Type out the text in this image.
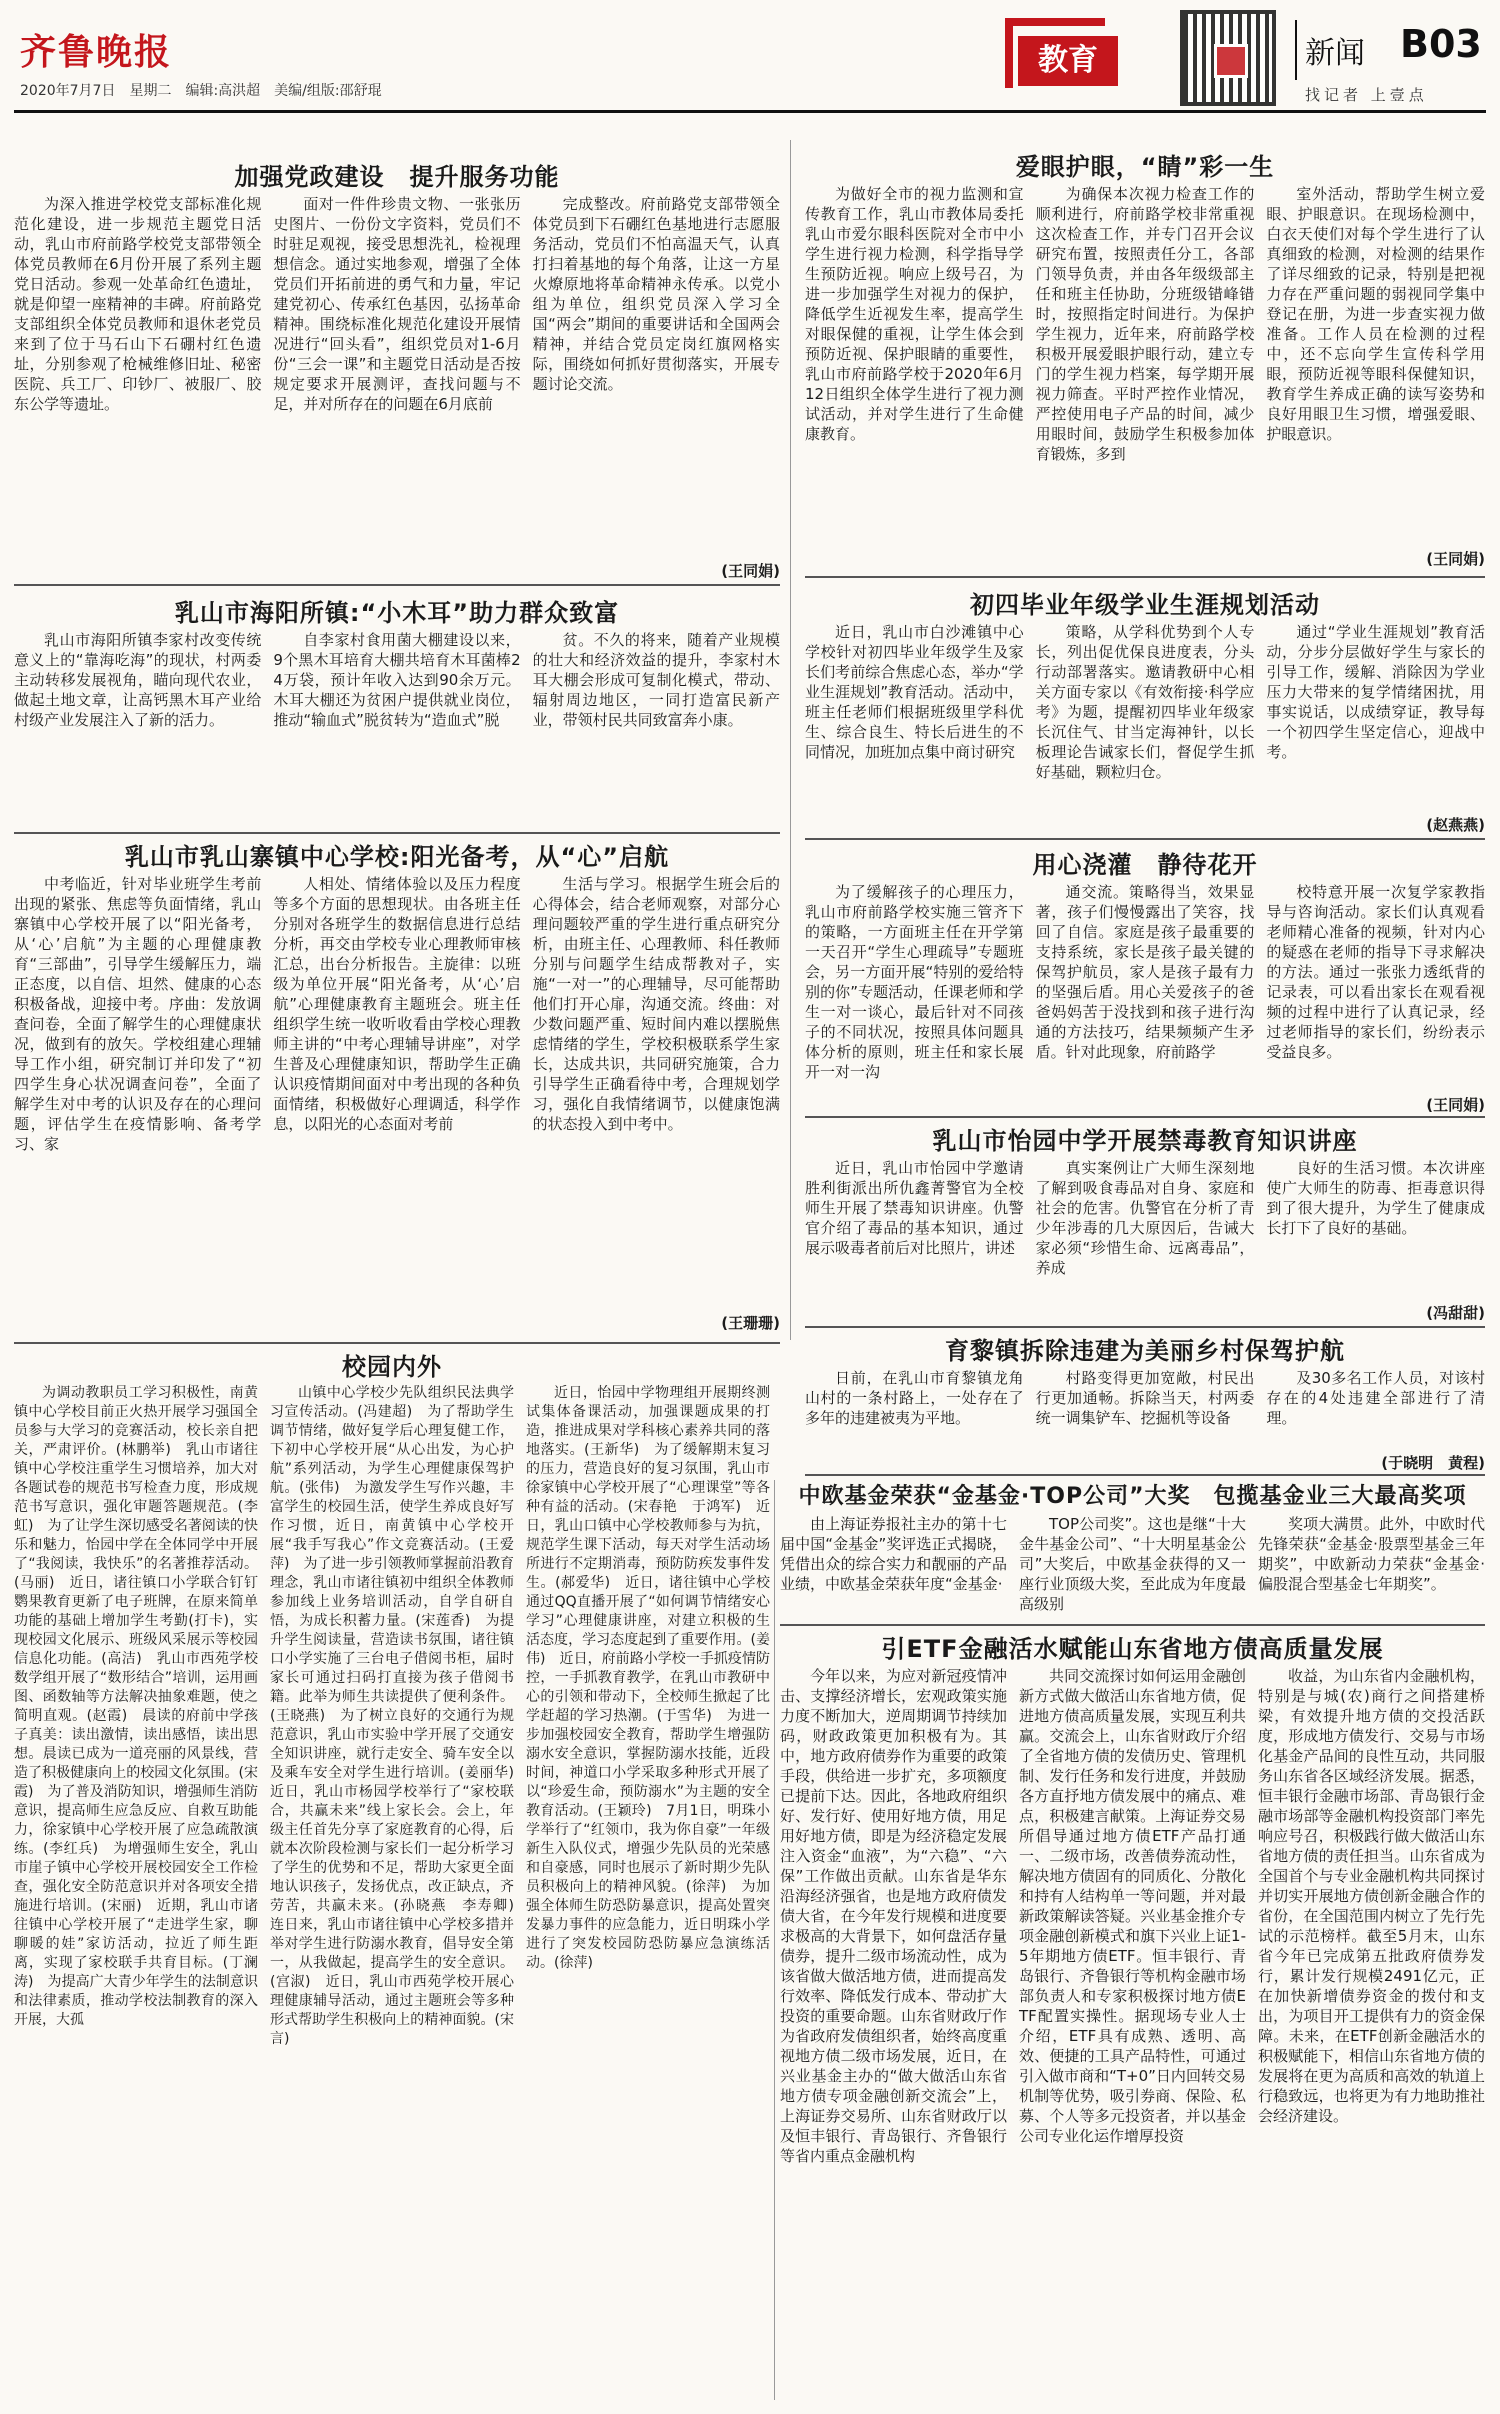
齐鲁晚报
2020年7月7日　 星期二　 编辑:高洪超　 美编/组版:邵舒琨
教育	新闻 B03
找记者 上壹点
加强党政建设　提升服务功能
为深入推进学校党支部标准化规范化建设，进一步规范主题党日活动，乳山市府前路学校党支部带领全体党员教师在6月份开展了系列主题党日活动。参观一处革命红色遗址，就是仰望一座精神的丰碑。府前路党支部组织全体党员教师和退休老党员来到了位于马石山下石硼村红色遗址，分别参观了枪械维修旧址、秘密医院、兵工厂、印钞厂、被服厂、胶东公学等遗址。
面对一件件珍贵文物、一张张历史图片、一份份文字资料，党员们不时驻足观视，接受思想洗礼，检视理想信念。通过实地参观，增强了全体党员们开拓前进的勇气和力量，牢记建党初心、传承红色基因，弘扬革命精神。围绕标准化规范化建设开展情况进行“回头看”，组织党员对1-6月份“三会一课”和主题党日活动是否按规定要求开展测评，查找问题与不足，并对所存在的问题在6月底前
完成整改。府前路党支部带领全体党员到下石硼红色基地进行志愿服务活动，党员们不怕高温天气，认真打扫着基地的每个角落，让这一方星火燎原地将革命精神永传承。以党小组为单位，组织党员深入学习全国“两会”期间的重要讲话和全国两会精神，并结合党员定岗红旗网格实际，围绕如何抓好贯彻落实，开展专题讨论交流。
(王同娟)
乳山市海阳所镇:“小木耳”助力群众致富
乳山市海阳所镇李家村改变传统意义上的“靠海吃海”的现状，村两委主动转移发展视角，瞄向现代农业，做起土地文章，让高钙黑木耳产业给村级产业发展注入了新的活力。
自李家村食用菌大棚建设以来，9个黑木耳培育大棚共培育木耳菌棒24万袋，预计年收入达到90余万元。木耳大棚还为贫困户提供就业岗位，推动“输血式”脱贫转为“造血式”脱
贫。不久的将来，随着产业规模的壮大和经济效益的提升，李家村木耳大棚会形成可复制化模式，带动、辐射周边地区，一同打造富民新产业，带领村民共同致富奔小康。
乳山市乳山寨镇中心学校:阳光备考，从“心”启航
中考临近，针对毕业班学生考前出现的紧张、焦虑等负面情绪，乳山寨镇中心学校开展了以“阳光备考，从‘心’启航”为主题的心理健康教育“三部曲”，引导学生缓解压力，端正态度，以自信、坦然、健康的心态积极备战，迎接中考。序曲：发放调查问卷，全面了解学生的心理健康状况，做到有的放矢。学校组建心理辅导工作小组，研究制订并印发了“初四学生身心状况调查问卷”，全面了解学生对中考的认识及存在的心理问题，评估学生在疫情影响、备考学习、家
人相处、情绪体验以及压力程度等多个方面的思想现状。由各班主任分别对各班学生的数据信息进行总结分析，再交由学校专业心理教师审核汇总，出台分析报告。主旋律：以班级为单位开展“阳光备考，从‘心’启航”心理健康教育主题班会。班主任组织学生统一收听收看由学校心理教师主讲的“中考心理辅导讲座”，对学生普及心理健康知识，帮助学生正确认识疫情期间面对中考出现的各种负面情绪，积极做好心理调适，科学作息，以阳光的心态面对考前
生活与学习。根据学生班会后的心得体会，结合老师观察，对部分心理问题较严重的学生进行重点研究分析，由班主任、心理教师、科任教师分别与问题学生结成帮教对子，实施“一对一”的心理辅导，尽可能帮助他们打开心扉，沟通交流。终曲：对少数问题严重、短时间内难以摆脱焦虑情绪的学生，学校积极联系学生家长，达成共识，共同研究施策，合力引导学生正确看待中考，合理规划学习，强化自我情绪调节，以健康饱满的状态投入到中考中。
(王珊珊)
爱眼护眼，“睛”彩一生
为做好全市的视力监测和宣传教育工作，乳山市教体局委托乳山市爱尔眼科医院对全市中小学生进行视力检测，科学指导学生预防近视。响应上级号召，为进一步加强学生对视力的保护，降低学生近视发生率，提高学生对眼保健的重视，让学生体会到预防近视、保护眼睛的重要性，乳山市府前路学校于2020年6月12日组织全体学生进行了视力测试活动，并对学生进行了生命健康教育。
为确保本次视力检查工作的顺利进行，府前路学校非常重视这次检查工作，并专门召开会议研究布置，按照责任分工，各部门领导负责，并由各年级级部主任和班主任协助，分班级错峰错时，按照指定时间进行。为保护学生视力，近年来，府前路学校积极开展爱眼护眼行动，建立专门的学生视力档案，每学期开展视力筛查。平时严控作业情况，严控使用电子产品的时间，减少用眼时间，鼓励学生积极参加体育锻炼，多到
室外活动，帮助学生树立爱眼、护眼意识。在现场检测中，白衣天使们对每个学生进行了认真细致的检测，对检测的结果作了详尽细致的记录，特别是把视力存在严重问题的弱视同学集中登记在册，为进一步查实视力做准备。工作人员在检测的过程中，还不忘向学生宣传科学用眼，预防近视等眼科保健知识，教育学生养成正确的读写姿势和良好用眼卫生习惯，增强爱眼、护眼意识。
(王同娟)
初四毕业年级学业生涯规划活动
近日，乳山市白沙滩镇中心学校针对初四毕业年级学生及家长们考前综合焦虑心态，举办“学业生涯规划”教育活动。活动中，班主任老师们根据班级里学科优生、综合良生、特长后进生的不同情况，加班加点集中商讨研究
策略，从学科优势到个人专长，列出促优保良进度表，分头行动部署落实。邀请教研中心相关方面专家以《有效衔接·科学应考》为题，提醒初四毕业年级家长沉住气、甘当定海神针，以长板理论告诫家长们，督促学生抓好基础，颗粒归仓。
通过“学业生涯规划”教育活动，分步分层做好学生与家长的引导工作，缓解、消除因为学业压力大带来的复学情绪困扰，用事实说话，以成绩穿证，教导每一个初四学生坚定信心，迎战中考。
(赵燕燕)
用心浇灌　静待花开
为了缓解孩子的心理压力，乳山市府前路学校实施三管齐下的策略，一方面班主任在开学第一天召开“学生心理疏导”专题班会，另一方面开展“特别的爱给特别的你”专题活动，任课老师和学生一对一谈心，最后针对不同孩子的不同状况，按照具体问题具体分析的原则，班主任和家长展开一对一沟
通交流。策略得当，效果显著，孩子们慢慢露出了笑容，找回了自信。家庭是孩子最重要的支持系统，家长是孩子最关键的保驾护航员，家人是孩子最有力的坚强后盾。用心关爱孩子的爸爸妈妈苦于没找到和孩子进行沟通的方法技巧，结果频频产生矛盾。针对此现象，府前路学
校特意开展一次复学家教指导与咨询活动。家长们认真观看老师精心准备的视频，针对内心的疑惑在老师的指导下寻求解决的方法。通过一张张力透纸背的记录表，可以看出家长在观看视频的过程中进行了认真记录，经过老师指导的家长们，纷纷表示受益良多。
(王同娟)
乳山市怡园中学开展禁毒教育知识讲座
近日，乳山市怡园中学邀请胜利街派出所仇鑫菁警官为全校师生开展了禁毒知识讲座。仇警官介绍了毒品的基本知识，通过展示吸毒者前后对比照片，讲述
真实案例让广大师生深刻地了解到吸食毒品对自身、家庭和社会的危害。仇警官在分析了青少年涉毒的几大原因后，告诫大家必须“珍惜生命、远离毒品”，养成
良好的生活习惯。本次讲座使广大师生的防毒、拒毒意识得到了很大提升，为学生了健康成长打下了良好的基础。
(冯甜甜)
育黎镇拆除违建为美丽乡村保驾护航
日前，在乳山市育黎镇龙角山村的一条村路上，一处存在了多年的违建被夷为平地。
村路变得更加宽敞，村民出行更加通畅。拆除当天，村两委统一调集铲车、挖掘机等设备
及30多名工作人员，对该村存在的4处违建全部进行了清理。
(于晓明　黄程)
中欧基金荣获“金基金·TOP公司”大奖　包揽基金业三大最高奖项
由上海证券报社主办的第十七届中国“金基金”奖评选正式揭晓，凭借出众的综合实力和靓丽的产品业绩，中欧基金荣获年度“金基金·
TOP公司奖”。这也是继“十大金牛基金公司”、“十大明星基金公司”大奖后，中欧基金获得的又一座行业顶级大奖，至此成为年度最高级别
奖项大满贯。此外，中欧时代先锋荣获“金基金·股票型基金三年期奖”，中欧新动力荣获“金基金·偏股混合型基金七年期奖”。
引ETF金融活水赋能山东省地方债高质量发展
今年以来，为应对新冠疫情冲击、支撑经济增长，宏观政策实施力度不断加大，逆周期调节持续加码，财政政策更加积极有为。其中，地方政府债券作为重要的政策手段，供给进一步扩充，多项额度已提前下达。因此，各地政府组织好、发行好、使用好地方债，用足用好地方债，即是为经济稳定发展注入资金“血液”，为“六稳”、“六保”工作做出贡献。山东省是华东沿海经济强省，也是地方政府债发债大省，在今年发行规模和进度要求极高的大背景下，如何盘活存量债券，提升二级市场流动性，成为该省做大做活地方债，进而提高发行效率、降低发行成本、带动扩大投资的重要命题。山东省财政厅作为省政府发债组织者，始终高度重视地方债二级市场发展，近日，在兴业基金主办的“做大做活山东省地方债专项金融创新交流会”上，上海证券交易所、山东省财政厅以及恒丰银行、青岛银行、齐鲁银行等省内重点金融机构
共同交流探讨如何运用金融创新方式做大做活山东省地方债，促进地方债高质量发展，实现互利共赢。交流会上，山东省财政厅介绍了全省地方债的发债历史、管理机制、发行任务和发行进度，并鼓励各方直抒地方债发展中的痛点、难点，积极建言献策。上海证券交易所倡导通过地方债ETF产品打通一、二级市场，改善债券流动性，解决地方债固有的同质化、分散化和持有人结构单一等问题，并对最新政策解读答疑。兴业基金推介专项金融创新模式和旗下兴业上证1-5年期地方债ETF。恒丰银行、青岛银行、齐鲁银行等机构金融市场部负责人和专家积极探讨地方债ETF配置实操性。据现场专业人士介绍，ETF具有成熟、透明、高效、便捷的工具产品特性，可通过引入做市商和“T+0”日内回转交易机制等优势，吸引券商、保险、私募、个人等多元投资者，并以基金公司专业化运作增厚投资
收益，为山东省内金融机构，特别是与城(农)商行之间搭建桥梁，有效提升地方债的交投活跃度，形成地方债发行、交易与市场化基金产品间的良性互动，共同服务山东省各区域经济发展。据悉，恒丰银行金融市场部、青岛银行金融市场部等金融机构投资部门率先响应号召，积极践行做大做活山东省地方债的责任担当。山东省成为全国首个与专业金融机构共同探讨并切实开展地方债创新金融合作的省份，在全国范围内树立了先行先试的示范榜样。截至5月末，山东省今年已完成第五批政府债券发行，累计发行规模2491亿元，正在加快新增债券资金的拨付和支出，为项目开工提供有力的资金保障。未来，在ETF创新金融活水的积极赋能下，相信山东省地方债的发展将在更为高质和高效的轨道上行稳致远，也将更为有力地助推社会经济建设。
校园内外
为调动教职员工学习积极性，南黄镇中心学校目前正火热开展学习强国全员参与大学习的竞赛活动，校长亲自把关，严肃评价。(林鹏举)　乳山市诸往镇中心学校注重学生习惯培养，加大对各题试卷的规范书写检查力度，形成规范书写意识，强化审题答题规范。(李虹)　为了让学生深切感受名著阅读的快乐和魅力，怡园中学在全体同学中开展了“我阅读，我快乐”的名著推荐活动。(马丽)　近日，诸往镇口小学联合钉钉鹦果教育更新了电子班牌，在原来简单功能的基础上增加学生考勤(打卡)，实现校园文化展示、班级风采展示等校园信息化功能。(高洁)　乳山市西苑学校数学组开展了“数形结合”培训，运用画图、函数轴等方法解决抽象难题，使之简明直观。(赵霞)　晨读的府前中学孩子真美：读出激情，读出感悟，读出思想。晨读已成为一道亮丽的风景线，营造了积极健康向上的校园文化氛围。(宋霞)　为了普及消防知识，增强师生消防意识，提高师生应急反应、自救互助能力，徐家镇中心学校开展了应急疏散演练。(李红兵)　为增强师生安全，乳山市崖子镇中心学校开展校园安全工作检查，强化安全防范意识并对各项安全措施进行培训。(宋丽)　近期，乳山市诸往镇中心学校开展了“走进学生家，聊聊暖的娃”家访活动，拉近了师生距离，实现了家校联手共育目标。(丁澜涛)　为提高广大青少年学生的法制意识和法律素质，推动学校法制教育的深入开展，大孤
山镇中心学校少先队组织民法典学习宣传活动。(冯建超)　为了帮助学生调节情绪，做好复学后心理复健工作，下初中心学校开展“从心出发，为心护航”系列活动，为学生心理健康保驾护航。(张伟)　为激发学生写作兴趣，丰富学生的校园生活，使学生养成良好写作习惯，近日，南黄镇中心学校开展“我手写我心”作文竞赛活动。(王爱萍)　为了进一步引领教师掌握前沿教育理念，乳山市诸往镇初中组织全体教师参加线上业务培训活动，自学自研自悟，为成长积蓄力量。(宋莲香)　为提升学生阅读量，营造读书氛围，诸往镇口小学实施了三台电子借阅书柜，届时家长可通过扫码打直接为孩子借阅书籍。此举为师生共读提供了便利条件。(王晓燕)　为了树立良好的交通行为规范意识，乳山市实验中学开展了交通安全知识讲座，就行走安全、骑车安全以及乘车安全对学生进行培训。(姜丽华)　近日，乳山市杨园学校举行了“家校联合，共赢未来”线上家长会。会上，年级主任首先分享了家庭教育的心得，后就本次阶段检测与家长们一起分析学习了学生的优势和不足，帮助大家更全面地认识孩子，发扬优点，改正缺点，齐劳苦，共赢未来。(孙晓燕　李寿卿)　连日来，乳山市诸往镇中心学校多措并举对学生进行防溺水教育，倡导安全第一，从我做起，提高学生的安全意识。(宫淑)　近日，乳山市西苑学校开展心理健康辅导活动，通过主题班会等多种形式帮助学生积极向上的精神面貌。(宋言)
近日，怡园中学物理组开展期终测试集体备课活动，加强课题成果的打造，推进成果对学科核心素养共同的落地落实。(王新华)　为了缓解期末复习的压力，营造良好的复习氛围，乳山市徐家镇中心学校开展了“心理课堂”等各种有益的活动。(宋春艳　于鸿军)　近日，乳山口镇中心学校教师参与为抗，规范学生课下活动，每天对学生活动场所进行不定期消毒，预防防疾发事件发生。(郝爱华)　近日，诸往镇中心学校通过QQ直播开展了“如何调节情绪安心学习”心理健康讲座，对建立积极的生活态度，学习态度起到了重要作用。(姜伟)　近日，府前路小学校一手抓疫情防控，一手抓教育教学，在乳山市教研中心的引领和带动下，全校师生掀起了比学赶超的学习热潮。(于雪华)　为进一步加强校园安全教育，帮助学生增强防溺水安全意识，掌握防溺水技能，近段时间，神道口小学采取多种形式开展了以“珍爱生命，预防溺水”为主题的安全教育活动。(王颖玲)　7月1日，明珠小学举行了“红领巾，我为你自豪”一年级新生入队仪式，增强少先队员的光荣感和自豪感，同时也展示了新时期少先队员积极向上的精神风貌。(徐萍)　为加强全体师生防恐防暴意识，提高处置突发暴力事件的应急能力，近日明珠小学进行了突发校园防恐防暴应急演练活动。(徐萍)
